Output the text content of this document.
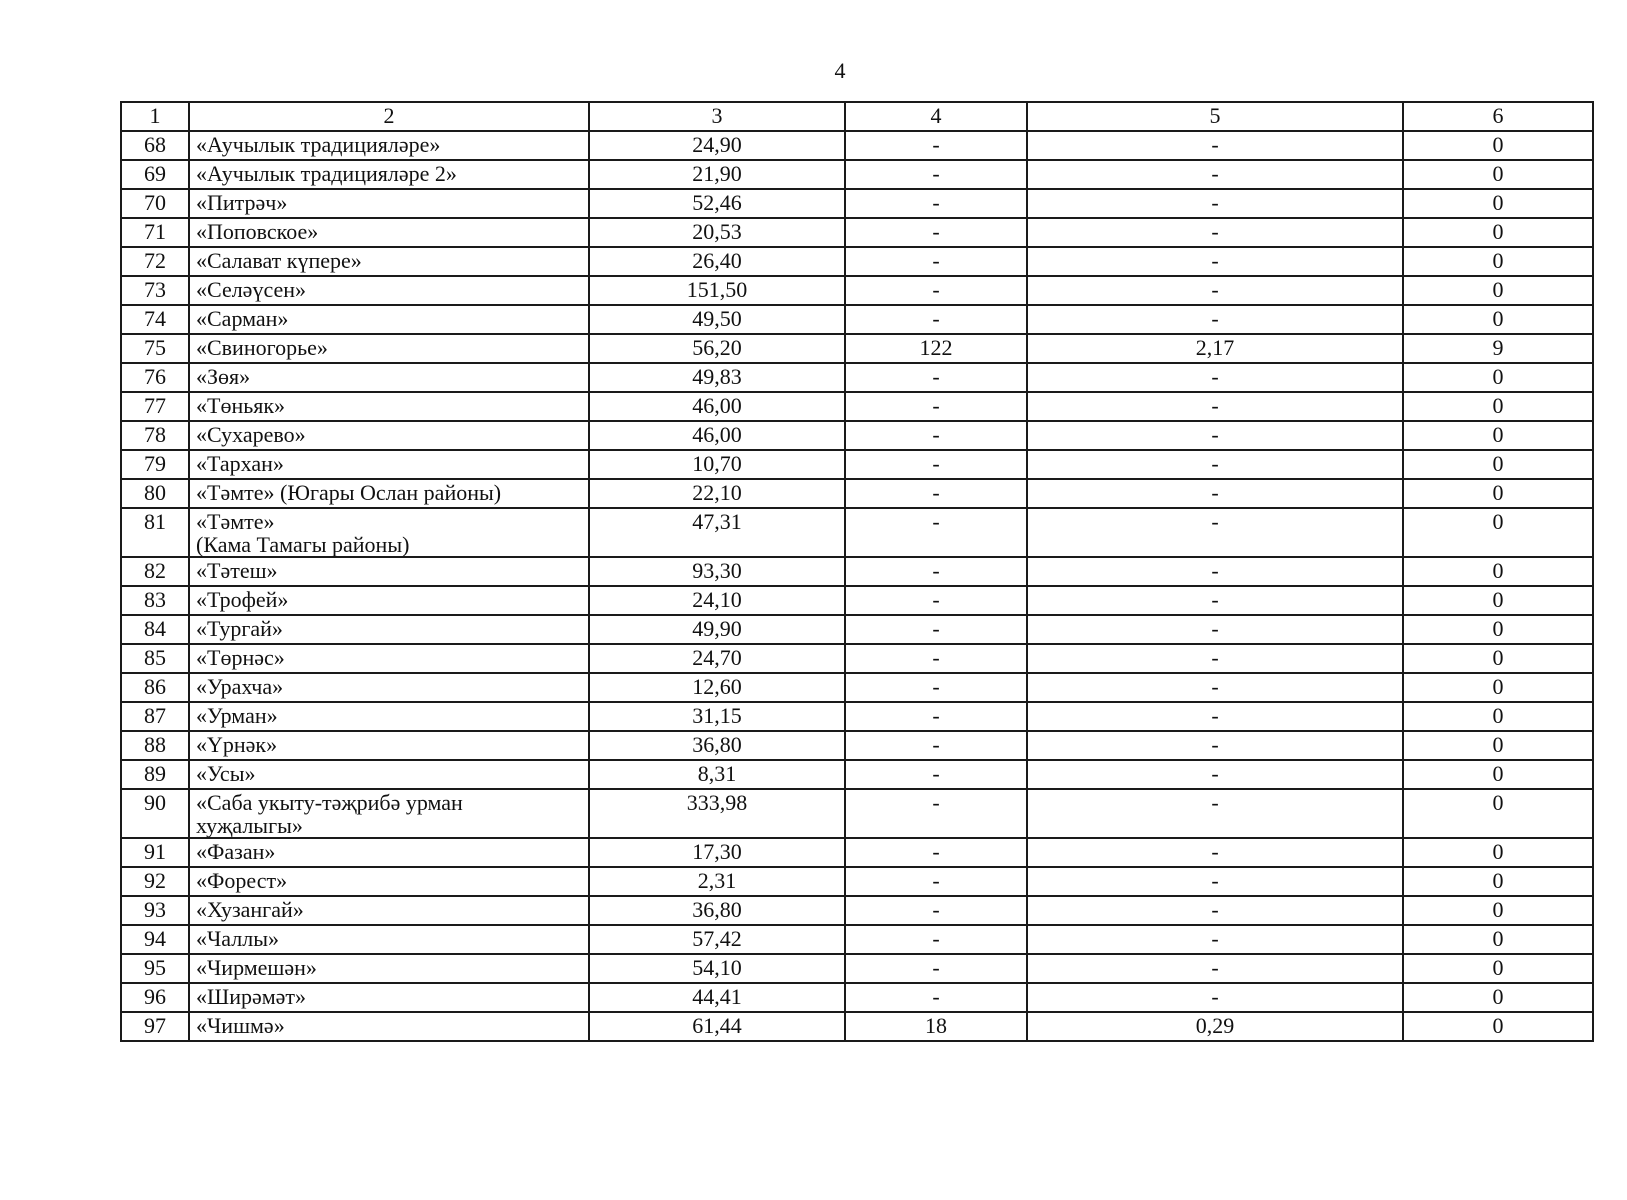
4
1	2	3	4	5	6
68	«Аучылык традицияләре»	24,90	-	-	0
69	«Аучылык традицияләре 2»	21,90	-	-	0
70	«Питрәч»	52,46	-	-	0
71	«Поповское»	20,53	-	-	0
72	«Салават күпере»	26,40	-	-	0
73	«Селәүсен»	151,50	-	-	0
74	«Сарман»	49,50	-	-	0
75	«Свиногорье»	56,20	122	2,17	9
76	«Зөя»	49,83	-	-	0
77	«Төньяк»	46,00	-	-	0
78	«Сухарево»	46,00	-	-	0
79	«Тархан»	10,70	-	-	0
80	«Тәмте» (Югары Ослан районы)	22,10	-	-	0
81	«Тәмте»
(Кама Тамагы районы)	47,31	-	-	0
82	«Тәтеш»	93,30	-	-	0
83	«Трофей»	24,10	-	-	0
84	«Тургай»	49,90	-	-	0
85	«Төрнәс»	24,70	-	-	0
86	«Урахча»	12,60	-	-	0
87	«Урман»	31,15	-	-	0
88	«Үрнәк»	36,80	-	-	0
89	«Усы»	8,31	-	-	0
90	«Саба укыту-тәҗрибә урман
хуҗалыгы»	333,98	-	-	0
91	«Фазан»	17,30	-	-	0
92	«Форест»	2,31	-	-	0
93	«Хузангай»	36,80	-	-	0
94	«Чаллы»	57,42	-	-	0
95	«Чирмешән»	54,10	-	-	0
96	«Ширәмәт»	44,41	-	-	0
97	«Чишмә»	61,44	18	0,29	0
